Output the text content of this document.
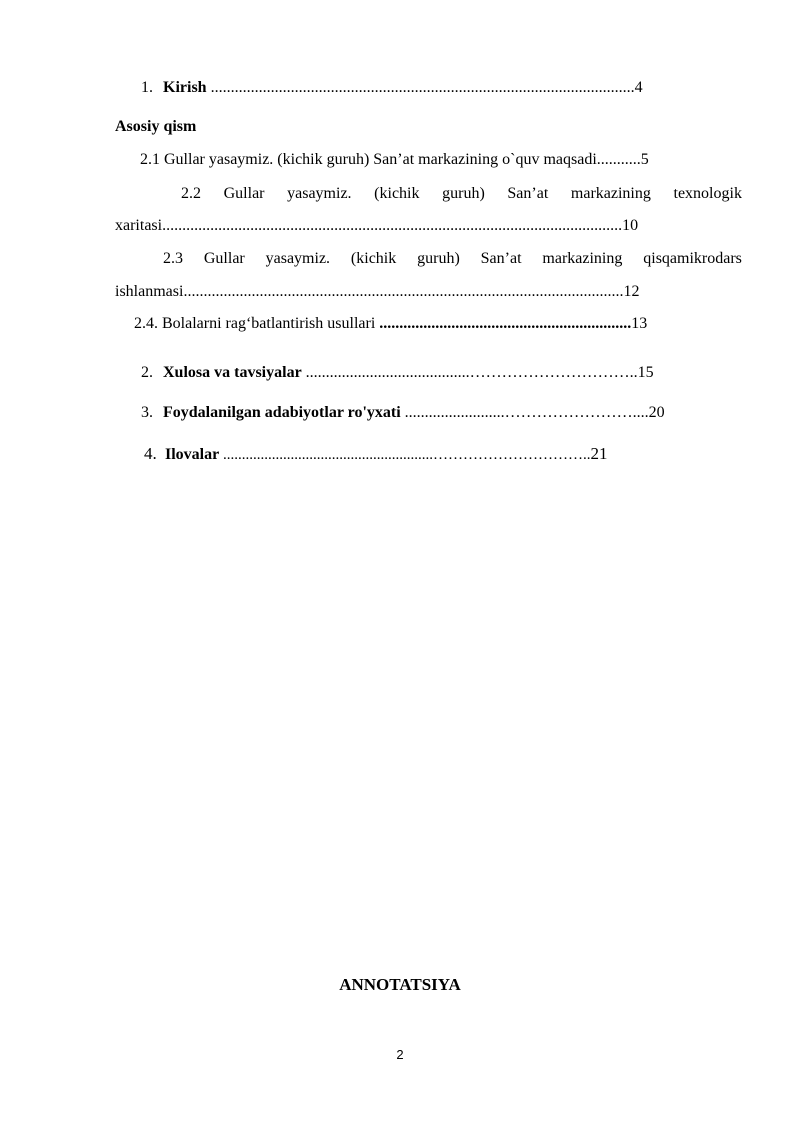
1. Kirish ..........................................................................................................4
Asosiy qism
2.1 Gullar yasaymiz. (kichik guruh) San’at markazining o`quv maqsadi...........5
2.2 Gullar yasaymiz. (kichik guruh) San’at markazining texnologik
xaritasi...................................................................................................................10
2.3 Gullar yasaymiz. (kichik guruh) San’at markazining qisqamikrodars
ishlanmasi..............................................................................................................12
2.4. Bolalarni rag‘batlantirish usullari ...............................................................13
2. Xulosa va tavsiyalar .........................................…………………………..15
3. Foydalanilgan adabiyotlar ro'yxati .........................……………………....20
4. Ilovalar ........................................................…………………………..21
ANNOTATSIYA
2
